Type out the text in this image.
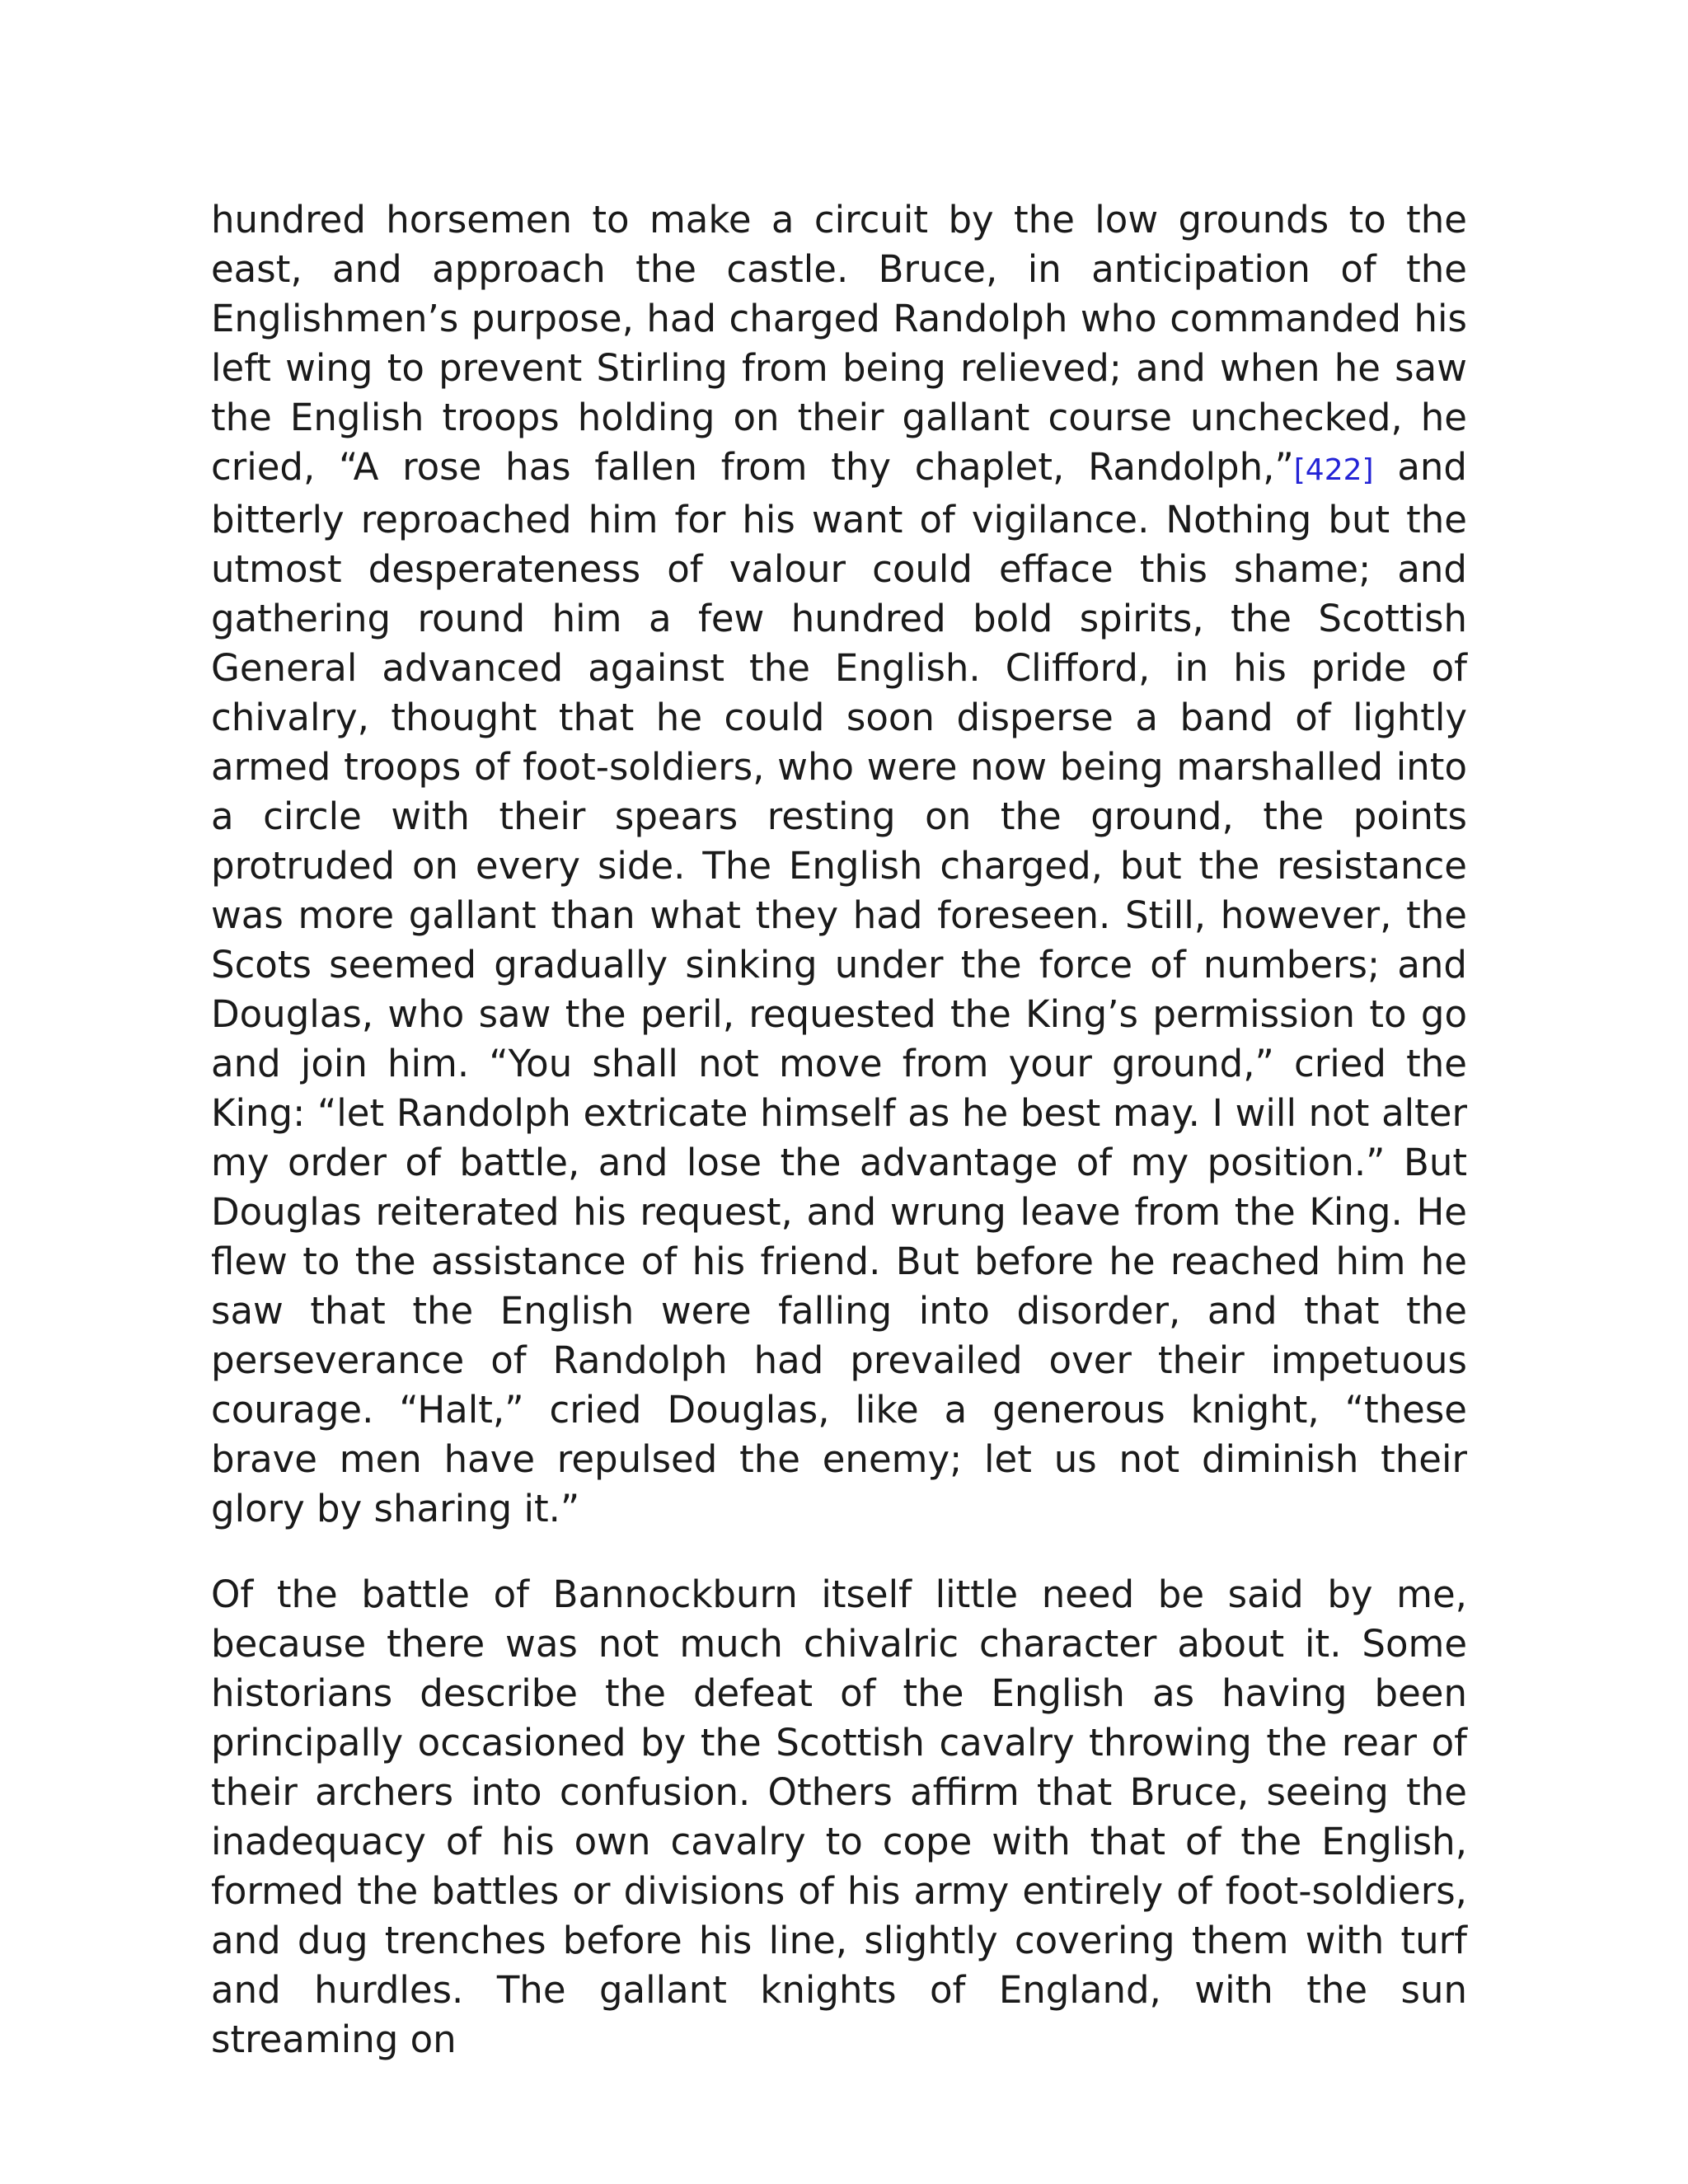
hundred horsemen to make a circuit by the low grounds to the east, and approach the castle. Bruce, in anticipation of the Englishmen’s purpose, had charged Randolph who commanded his left wing to prevent Stirling from being relieved; and when he saw the English troops holding on their gallant course unchecked, he cried, “A rose has fallen from thy chaplet, Randolph,”[422] and bitterly reproached him for his want of vigilance. Nothing but the utmost desperateness of valour could efface this shame; and gathering round him a few hundred bold spirits, the Scottish General advanced against the English. Clifford, in his pride of chivalry, thought that he could soon disperse a band of lightly armed troops of foot-soldiers, who were now being marshalled into a circle with their spears resting on the ground, the points protruded on every side. The English charged, but the resistance was more gallant than what they had foreseen. Still, however, the Scots seemed gradually sinking under the force of numbers; and Douglas, who saw the peril, requested the King’s permission to go and join him. “You shall not move from your ground,” cried the King: “let Randolph extricate himself as he best may. I will not alter my order of battle, and lose the advantage of my position.” But Douglas reiterated his request, and wrung leave from the King. He flew to the assistance of his friend. But before he reached him he saw that the English were falling into disorder, and that the perseverance of Randolph had prevailed over their impetuous courage. “Halt,” cried Douglas, like a generous knight, “these brave men have repulsed the enemy; let us not diminish their glory by sharing it.”

Of the battle of Bannockburn itself little need be said by me, because there was not much chivalric character about it. Some historians describe the defeat of the English as having been principally occasioned by the Scottish cavalry throwing the rear of their archers into confusion. Others affirm that Bruce, seeing the inadequacy of his own cavalry to cope with that of the English, formed the battles or divisions of his army entirely of foot-soldiers, and dug trenches before his line, slightly covering them with turf and hurdles. The gallant knights of England, with the sun streaming on
